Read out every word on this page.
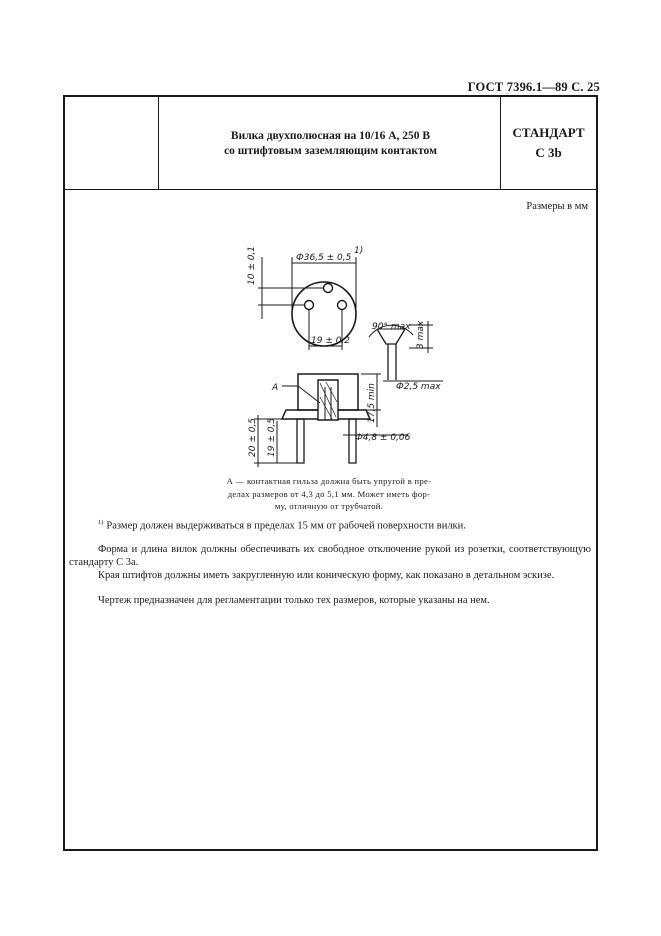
ГОСТ 7396.1—89 С. 25
Вилка двухполюсная на 10/16 А, 250 В
со штифтовым заземляющим контактом
СТАНДАРТ
С 3b
Размеры в мм
Ф36,5 ± 0,5
1)
10 ± 0,1
19 ± 0,2
90° max 3 max
Ф2,5 max
17,5 min
Ф4,8 ± 0,06
20 ± 0,5 19 ± 0,5
А
А — контактная гильза должна быть упругой в пре-
делах размеров от 4,3 до 5,1 мм. Может иметь фор-
му, отличную от трубчатой.
$^{1)}$ Размер должен выдерживаться в пределах 15 мм от рабочей поверхности вилки.
Форма и длина вилок должны обеспечивать их свободное отключение рукой из розетки, соответствующую стандарту С 3а.
Края штифтов должны иметь закругленную или коническую форму, как показано в детальном эскизе.
Чертеж предназначен для регламентации только тех размеров, которые указаны на нем.
